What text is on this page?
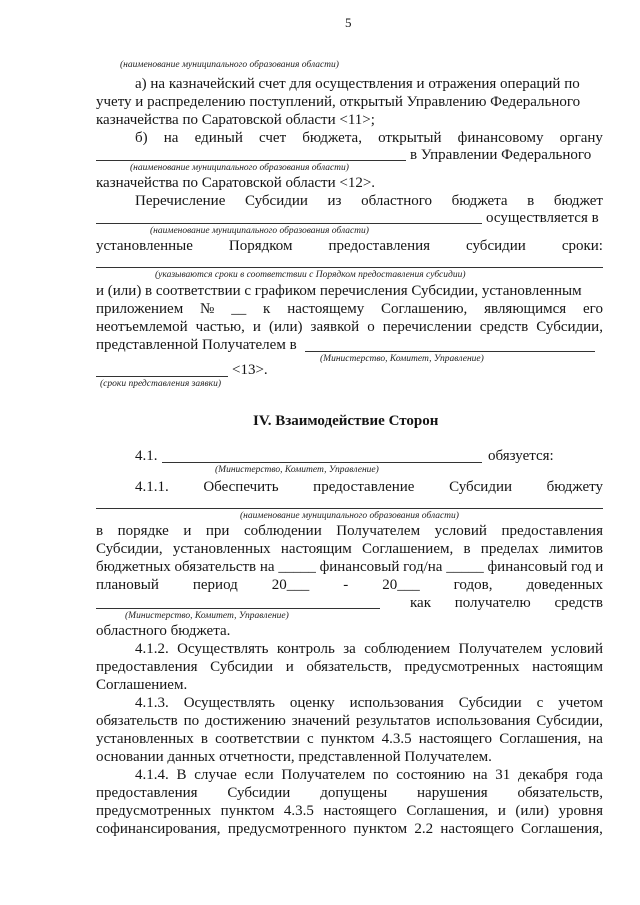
5
(наименование муниципального образования области)
а) на казначейский счет для осуществления и отражения операций по
учету и распределению поступлений, открытый Управлению Федерального
казначейства по Саратовской области <11>;
б) на единый счет бюджета, открытый финансовому органу
в Управлении Федерального
(наименование муниципального образования области)
казначейства по Саратовской области <12>.
Перечисление Субсидии из областного бюджета в бюджет
осуществляется в
(наименование муниципального образования области)
установленные Порядком предоставления субсидии сроки:
(указываются сроки в соответствии с Порядком предоставления субсидии)
и (или) в соответствии с графиком перечисления Субсидии, установленным
приложением № __ к настоящему Соглашению, являющимся его
неотъемлемой частью, и (или) заявкой о перечислении средств Субсидии,
представленной Получателем в
(Министерство, Комитет, Управление)
<13>.
(сроки представления заявки)
IV. Взаимодействие Сторон
4.1.	обязуется:
(Министерство, Комитет, Управление)
4.1.1. Обеспечить предоставление Субсидии бюджету
(наименование муниципального образования области)
в порядке и при соблюдении Получателем условий предоставления
Субсидии, установленных настоящим Соглашением, в пределах лимитов
бюджетных обязательств на _____ финансовый год/на _____ финансовый год и
плановый период 20___ - 20___ годов, доведенных
как получателю средств
(Министерство, Комитет, Управление)
областного бюджета.
4.1.2. Осуществлять контроль за соблюдением Получателем условий
предоставления Субсидии и обязательств, предусмотренных настоящим
Соглашением.
4.1.3. Осуществлять оценку использования Субсидии с учетом
обязательств по достижению значений результатов использования Субсидии,
установленных в соответствии с пунктом 4.3.5 настоящего Соглашения, на
основании данных отчетности, представленной Получателем.
4.1.4. В случае если Получателем по состоянию на 31 декабря года
предоставления Субсидии допущены нарушения обязательств,
предусмотренных пунктом 4.3.5 настоящего Соглашения, и (или) уровня
софинансирования, предусмотренного пунктом 2.2 настоящего Соглашения,
